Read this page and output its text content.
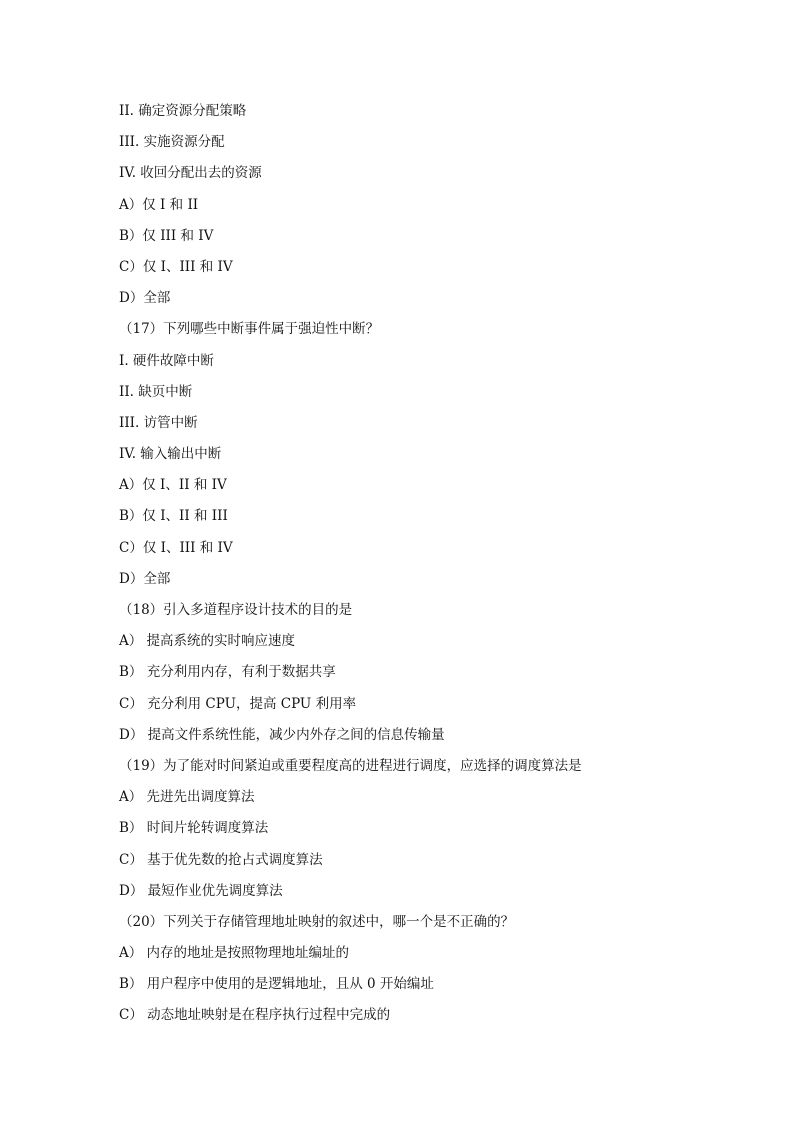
II. 确定资源分配策略
III. 实施资源分配
IV. 收回分配出去的资源
A）仅 I 和 II
B）仅 III 和 IV
C）仅 I、III 和 IV
D）全部
（17）下列哪些中断事件属于强迫性中断？
I. 硬件故障中断
II. 缺页中断
III. 访管中断
IV. 输入输出中断
A）仅 I、II 和 IV
B）仅 I、II 和 III
C）仅 I、III 和 IV
D）全部
（18）引入多道程序设计技术的目的是
A） 提高系统的实时响应速度
B） 充分利用内存，有利于数据共享
C） 充分利用 CPU，提高 CPU 利用率
D） 提高文件系统性能，减少内外存之间的信息传输量
（19）为了能对时间紧迫或重要程度高的进程进行调度，应选择的调度算法是
A） 先进先出调度算法
B） 时间片轮转调度算法
C） 基于优先数的抢占式调度算法
D） 最短作业优先调度算法
（20）下列关于存储管理地址映射的叙述中，哪一个是不正确的？
A） 内存的地址是按照物理地址编址的
B） 用户程序中使用的是逻辑地址，且从 0 开始编址
C） 动态地址映射是在程序执行过程中完成的
